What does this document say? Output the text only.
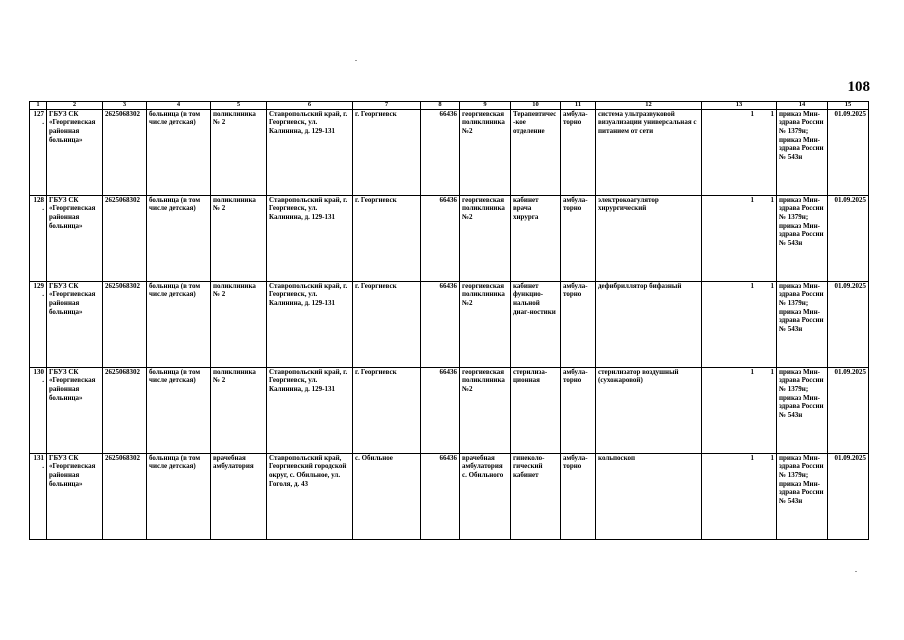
108
1	2	3	4	5	6	7	8	9	10	11	12	13	14	15
127.	ГБУЗ СК «Георгиевская районная больница»	2625068302	больница (в том числе детская)	поликлиника № 2	Ставропольский край, г. Георгиевск, ул. Калинина, д. 129-131	г. Георгиевск	66436	георгиевская поликлиника №2	Терапевтичес-кое отделение	амбула-торно	система ультразвуковой визуализации универсальная с питанием от сети	1 1	приказ Мин-здрава России № 1379н; приказ Мин-здрава России № 543н	01.09.2025
128.	ГБУЗ СК «Георгиевская районная больница»	2625068302	больница (в том числе детская)	поликлиника № 2	Ставропольский край, г. Георгиевск, ул. Калинина, д. 129-131	г. Георгиевск	66436	георгиевская поликлиника №2	кабинет врача хирурга	амбула-торно	электрокоагулятор хирургический	1 1	приказ Мин-здрава России № 1379н; приказ Мин-здрава России № 543н	01.09.2025
129.	ГБУЗ СК «Георгиевская районная больница»	2625068302	больница (в том числе детская)	поликлиника № 2	Ставропольский край, г. Георгиевск, ул. Калинина, д. 129-131	г. Георгиевск	66436	георгиевская поликлиника №2	кабинет функцио-нальной диаг-ностики	амбула-торно	дефибриллятор бифазный	1 1	приказ Мин-здрава России № 1379н; приказ Мин-здрава России № 543н	01.09.2025
130.	ГБУЗ СК «Георгиевская районная больница»	2625068302	больница (в том числе детская)	поликлиника № 2	Ставропольский край, г. Георгиевск, ул. Калинина, д. 129-131	г. Георгиевск	66436	георгиевская поликлиника №2	стерилиза-ционная	амбула-торно	стерилизатор воздушный (сухожаровой)	1 1	приказ Мин-здрава России № 1379н; приказ Мин-здрава России № 543н	01.09.2025
131.	ГБУЗ СК «Георгиевская районная больница»	2625068302	больница (в том числе детская)	врачебная амбулатория	Ставропольский край, Георгиевский городской округ, с. Обильное, ул. Гоголя, д. 43	с. Обильное	66436	врачебная амбулатория с. Обильного	гинеколо-гический кабинет	амбула-торно	кольпоскоп	1 1	приказ Мин-здрава России № 1379н; приказ Мин-здрава России № 543н	01.09.2025
